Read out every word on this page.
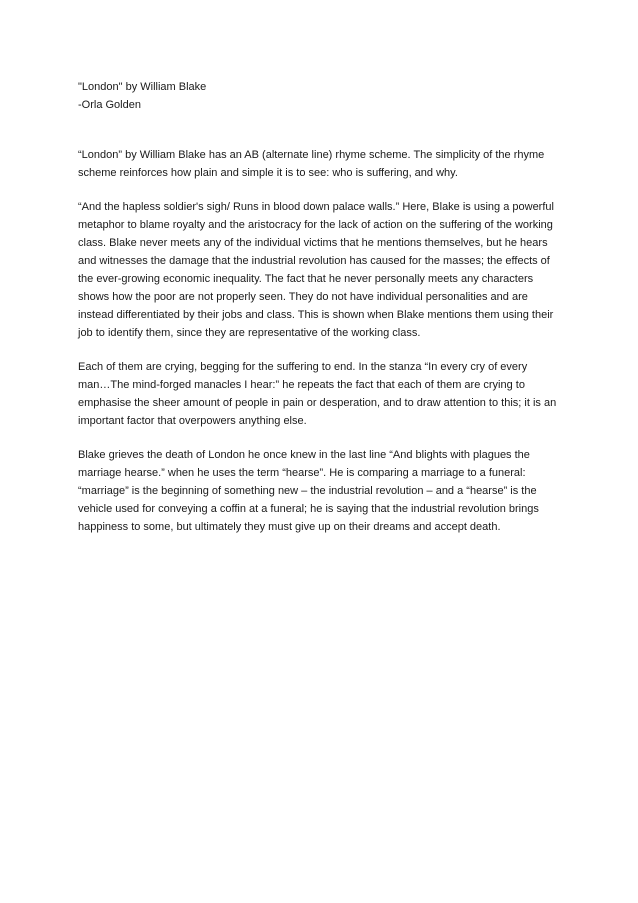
"London" by William Blake
-Orla Golden

“London” by William Blake has an AB (alternate line) rhyme scheme. The simplicity of the rhyme scheme reinforces how plain and simple it is to see: who is suffering, and why.

“And the hapless soldier's sigh/ Runs in blood down palace walls.” Here, Blake is using a powerful metaphor to blame royalty and the aristocracy for the lack of action on the suffering of the working class. Blake never meets any of the individual victims that he mentions themselves, but he hears and witnesses the damage that the industrial revolution has caused for the masses; the effects of the ever-growing economic inequality. The fact that he never personally meets any characters shows how the poor are not properly seen. They do not have individual personalities and are instead differentiated by their jobs and class. This is shown when Blake mentions them using their job to identify them, since they are representative of the working class.

Each of them are crying, begging for the suffering to end. In the stanza “In every cry of every man…The mind-forged manacles I hear:” he repeats the fact that each of them are crying to emphasise the sheer amount of people in pain or desperation, and to draw attention to this; it is an important factor that overpowers anything else.

Blake grieves the death of London he once knew in the last line “And blights with plagues the marriage hearse.” when he uses the term “hearse”. He is comparing a marriage to a funeral: “marriage” is the beginning of something new – the industrial revolution – and a “hearse” is the vehicle used for conveying a coffin at a funeral; he is saying that the industrial revolution brings happiness to some, but ultimately they must give up on their dreams and accept death.
